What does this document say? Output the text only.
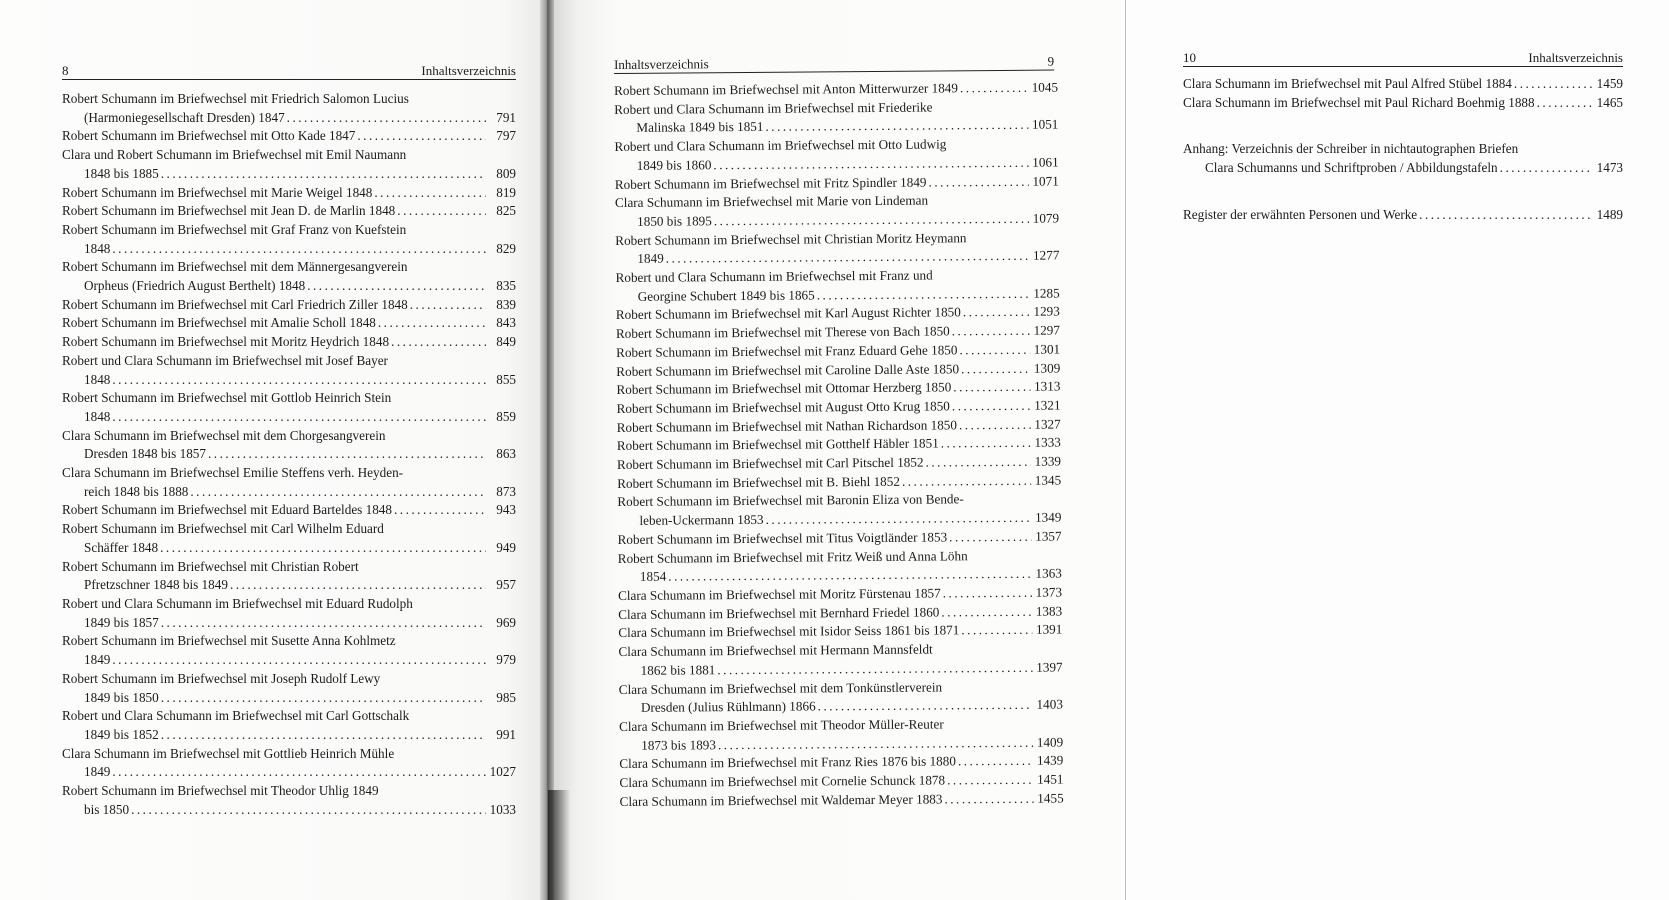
8	Inhaltsverzeichnis
Robert Schumann im Briefwechsel mit Friedrich Salomon Lucius
(Harmoniegesellschaft Dresden) 1847 . . .	791
Robert Schumann im Briefwechsel mit Otto Kade 1847 . . .	797
Clara und Robert Schumann im Briefwechsel mit Emil Naumann
1848 bis 1885 . . .	809
Robert Schumann im Briefwechsel mit Marie Weigel 1848 . . .	819
Robert Schumann im Briefwechsel mit Jean D. de Marlin 1848 . . .	825
Robert Schumann im Briefwechsel mit Graf Franz von Kuefstein
1848 . . .	829
Robert Schumann im Briefwechsel mit dem Männergesangverein
Orpheus (Friedrich August Berthelt) 1848 . . .	835
Robert Schumann im Briefwechsel mit Carl Friedrich Ziller 1848 . . .	839
Robert Schumann im Briefwechsel mit Amalie Scholl 1848 . . .	843
Robert Schumann im Briefwechsel mit Moritz Heydrich 1848 . . .	849
Robert und Clara Schumann im Briefwechsel mit Josef Bayer
1848 . . .	855
Robert Schumann im Briefwechsel mit Gottlob Heinrich Stein
1848 . . .	859
Clara Schumann im Briefwechsel mit dem Chorgesangverein
Dresden 1848 bis 1857 . . .	863
Clara Schumann im Briefwechsel Emilie Steffens verh. Heyden-
reich 1848 bis 1888 . . .	873
Robert Schumann im Briefwechsel mit Eduard Barteldes 1848 . . .	943
Robert Schumann im Briefwechsel mit Carl Wilhelm Eduard
Schäffer 1848 . . .	949
Robert Schumann im Briefwechsel mit Christian Robert
Pfretzschner 1848 bis 1849 . . .	957
Robert und Clara Schumann im Briefwechsel mit Eduard Rudolph
1849 bis 1857 . . .	969
Robert Schumann im Briefwechsel mit Susette Anna Kohlmetz
1849 . . .	979
Robert Schumann im Briefwechsel mit Joseph Rudolf Lewy
1849 bis 1850 . . .	985
Robert und Clara Schumann im Briefwechsel mit Carl Gottschalk
1849 bis 1852 . . .	991
Clara Schumann im Briefwechsel mit Gottlieb Heinrich Mühle
1849 . . .	1027
Robert Schumann im Briefwechsel mit Theodor Uhlig 1849
bis 1850 . . .	1033
Inhaltsverzeichnis	9
Robert Schumann im Briefwechsel mit Anton Mitterwurzer 1849 . . .	1045
Robert und Clara Schumann im Briefwechsel mit Friederike
Malinska 1849 bis 1851 . . .	1051
Robert und Clara Schumann im Briefwechsel mit Otto Ludwig
1849 bis 1860 . . .	1061
Robert Schumann im Briefwechsel mit Fritz Spindler 1849 . . .	1071
Clara Schumann im Briefwechsel mit Marie von Lindeman
1850 bis 1895 . . .	1079
Robert Schumann im Briefwechsel mit Christian Moritz Heymann
1849 . . .	1277
Robert und Clara Schumann im Briefwechsel mit Franz und
Georgine Schubert 1849 bis 1865 . . .	1285
Robert Schumann im Briefwechsel mit Karl August Richter 1850 . . .	1293
Robert Schumann im Briefwechsel mit Therese von Bach 1850 . . .	1297
Robert Schumann im Briefwechsel mit Franz Eduard Gehe 1850 . . .	1301
Robert Schumann im Briefwechsel mit Caroline Dalle Aste 1850 . . .	1309
Robert Schumann im Briefwechsel mit Ottomar Herzberg 1850 . . .	1313
Robert Schumann im Briefwechsel mit August Otto Krug 1850 . . .	1321
Robert Schumann im Briefwechsel mit Nathan Richardson 1850 . . .	1327
Robert Schumann im Briefwechsel mit Gotthelf Häbler 1851 . . .	1333
Robert Schumann im Briefwechsel mit Carl Pitschel 1852 . . .	1339
Robert Schumann im Briefwechsel mit B. Biehl 1852 . . .	1345
Robert Schumann im Briefwechsel mit Baronin Eliza von Bende-
leben-Uckermann 1853 . . .	1349
Robert Schumann im Briefwechsel mit Titus Voigtländer 1853 . . .	1357
Robert Schumann im Briefwechsel mit Fritz Weiß und Anna Löhn
1854 . . .	1363
Clara Schumann im Briefwechsel mit Moritz Fürstenau 1857 . . .	1373
Clara Schumann im Briefwechsel mit Bernhard Friedel 1860 . . .	1383
Clara Schumann im Briefwechsel mit Isidor Seiss 1861 bis 1871 . . .	1391
Clara Schumann im Briefwechsel mit Hermann Mannsfeldt
1862 bis 1881 . . .	1397
Clara Schumann im Briefwechsel mit dem Tonkünstlerverein
Dresden (Julius Rühlmann) 1866 . . .	1403
Clara Schumann im Briefwechsel mit Theodor Müller-Reuter
1873 bis 1893 . . .	1409
Clara Schumann im Briefwechsel mit Franz Ries 1876 bis 1880 . . .	1439
Clara Schumann im Briefwechsel mit Cornelie Schunck 1878 . . .	1451
Clara Schumann im Briefwechsel mit Waldemar Meyer 1883 . . .	1455
10	Inhaltsverzeichnis
Clara Schumann im Briefwechsel mit Paul Alfred Stübel 1884 . . .	1459
Clara Schumann im Briefwechsel mit Paul Richard Boehmig 1888 . . .	1465
Anhang: Verzeichnis der Schreiber in nichtautographen Briefen
Clara Schumanns und Schriftproben / Abbildungstafeln . . .	1473
Register der erwähnten Personen und Werke . . .	1489
